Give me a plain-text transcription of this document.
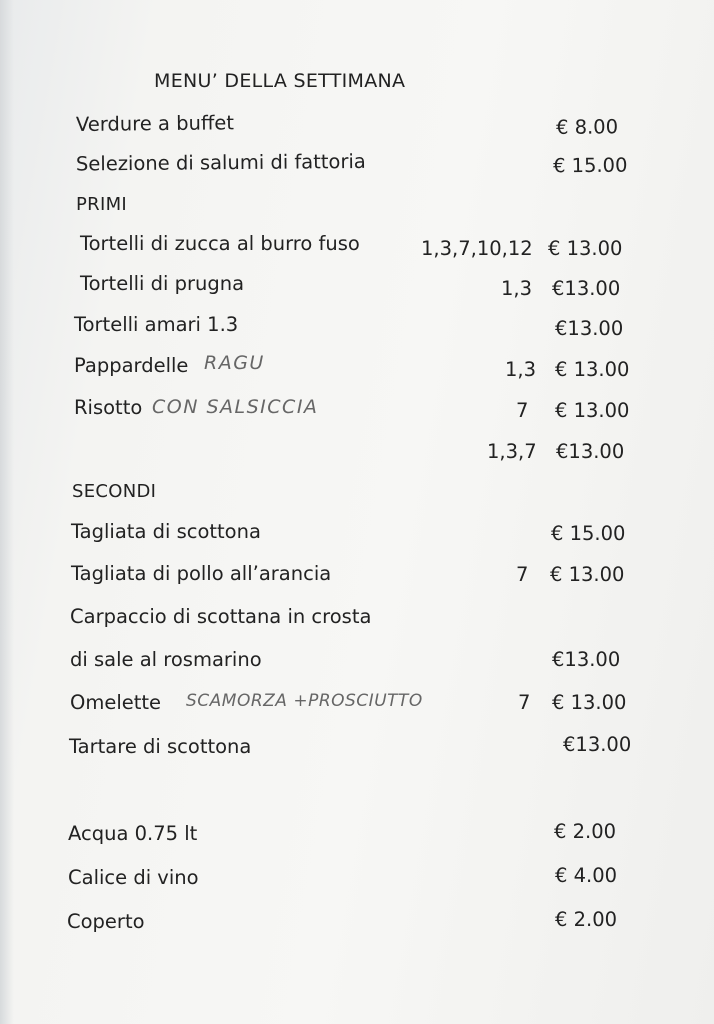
MENU’ DELLA SETTIMANA
Verdure a buffet	€ 8.00
Selezione di salumi di fattoria	€ 15.00
PRIMI
Tortelli di zucca al burro fuso	1,3,7,10,12 € 13.00
Tortelli di prugna	1,3 €13.00
Tortelli amari 1.3	€13.00
Pappardelle RAGU	1,3 € 13.00
Risotto CON SALSICCIA	7 € 13.00
1,3,7 €13.00
SECONDI
Tagliata di scottona	€ 15.00
Tagliata di pollo all’arancia	7 € 13.00
Carpaccio di scottana in crosta
di sale al rosmarino	€13.00
Omelette SCAMORZA +PROSCIUTTO	7 € 13.00
Tartare di scottona	€13.00
Acqua 0.75 lt	€ 2.00
Calice di vino	€ 4.00
Coperto	€ 2.00
